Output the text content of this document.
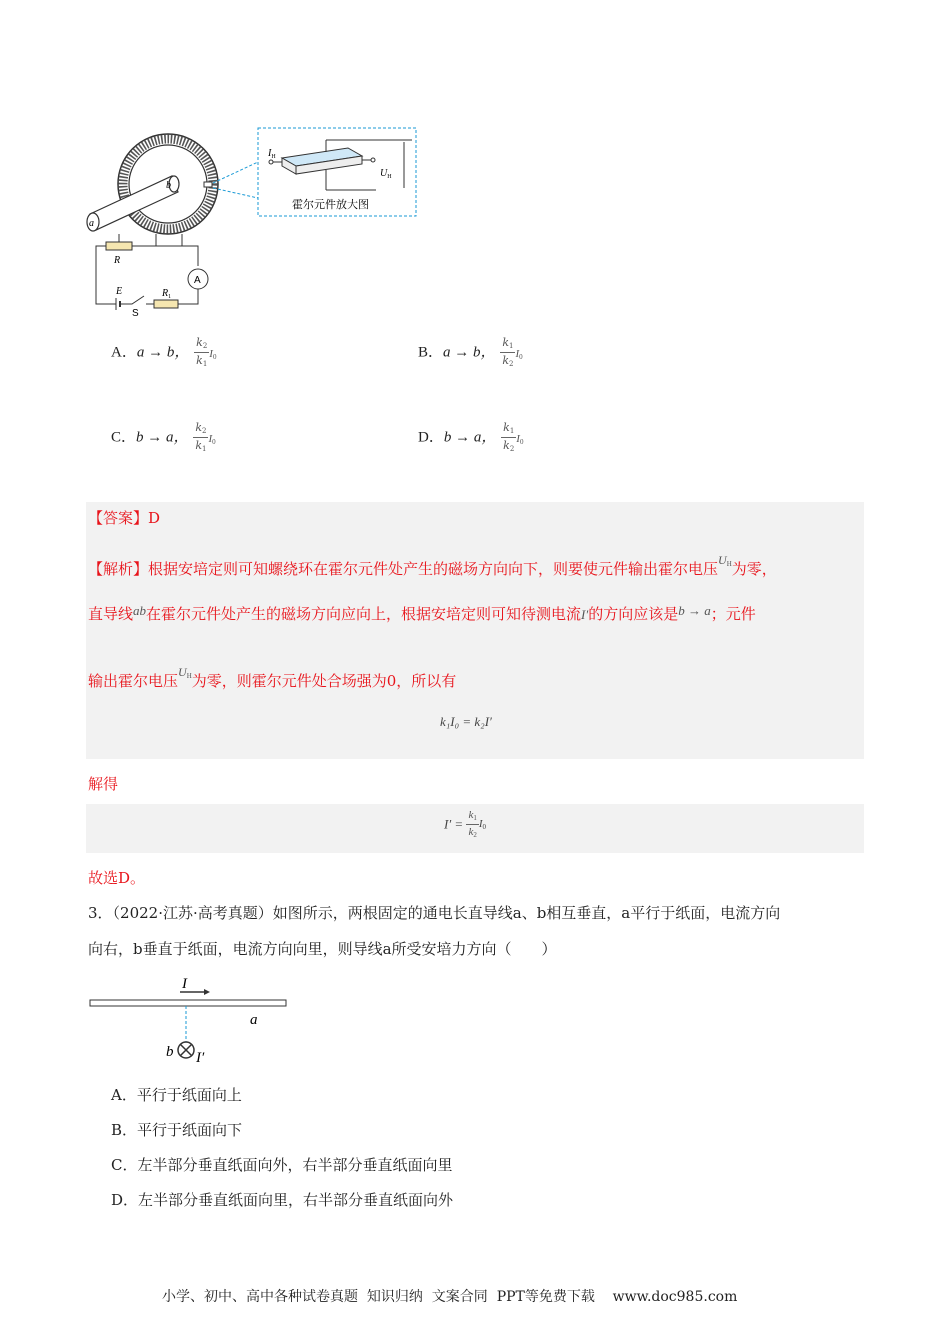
a
b
$I_H$
$U_H$
霍尔元件放大图
R
A
E
S
$R_1$
A．a → b， $\frac{k_2}{k_1} I_0$	B．a → b， $\frac{k_1}{k_2} I_0$
C．b → a， $\frac{k_2}{k_1} I_0$	D．b → a， $\frac{k_1}{k_2} I_0$
【答案】D
【解析】根据安培定则可知螺绕环在霍尔元件处产生的磁场方向向下，则要使元件输出霍尔电压$^{U_H}$为零，
直导线ab在霍尔元件处产生的磁场方向应向上，根据安培定则可知待测电流I′的方向应该是b → a；元件
输出霍尔电压$^{U_H}$为零，则霍尔元件处合场强为0，所以有
k₁I₀ = k₂I′
解得
$I' = \frac{k_1}{k_2} I_0$
故选D。
3．（2022·江苏·高考真题）如图所示，两根固定的通电长直导线a、b相互垂直，a平行于纸面，电流方向
向右，b垂直于纸面，电流方向向里，则导线a所受安培力方向（　　）
I
a
b I′
A．平行于纸面向上
B．平行于纸面向下
C．左半部分垂直纸面向外，右半部分垂直纸面向里
D．左半部分垂直纸面向里，右半部分垂直纸面向外
小学、初中、高中各种试卷真题  知识归纳  文案合同  PPT等免费下载    www.doc985.com
